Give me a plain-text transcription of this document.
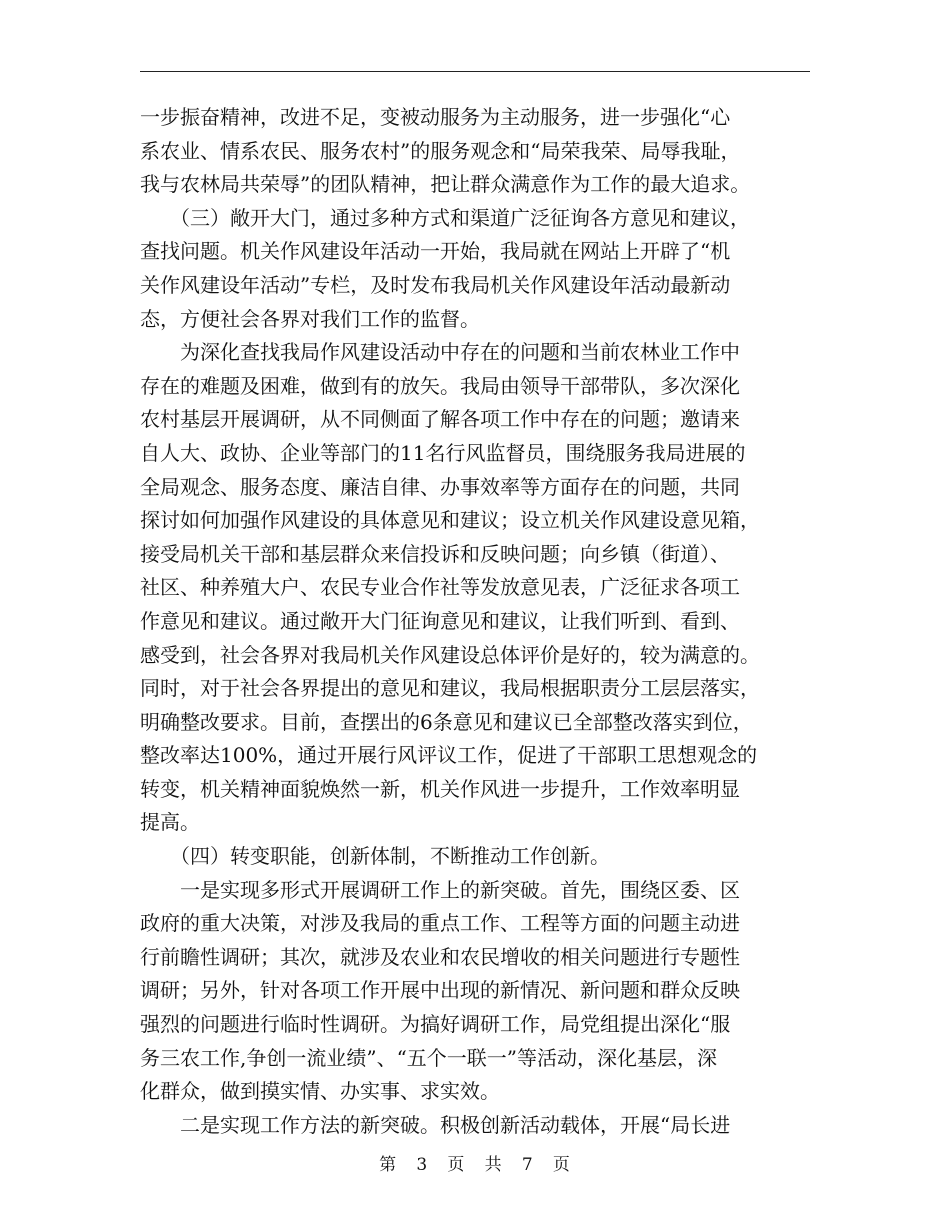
一步振奋精神，改进不足，变被动服务为主动服务，进一步强化“心
系农业、情系农民、服务农村”的服务观念和“局荣我荣、局辱我耻，
我与农林局共荣辱”的团队精神，把让群众满意作为工作的最大追求。
　　（三）敞开大门，通过多种方式和渠道广泛征询各方意见和建议，
查找问题。机关作风建设年活动一开始，我局就在网站上开辟了“机
关作风建设年活动”专栏，及时发布我局机关作风建设年活动最新动
态，方便社会各界对我们工作的监督。
　　为深化查找我局作风建设活动中存在的问题和当前农林业工作中
存在的难题及困难，做到有的放矢。我局由领导干部带队，多次深化
农村基层开展调研，从不同侧面了解各项工作中存在的问题；邀请来
自人大、政协、企业等部门的11名行风监督员，围绕服务我局进展的
全局观念、服务态度、廉洁自律、办事效率等方面存在的问题，共同
探讨如何加强作风建设的具体意见和建议；设立机关作风建设意见箱，
接受局机关干部和基层群众来信投诉和反映问题；向乡镇（街道）、
社区、种养殖大户、农民专业合作社等发放意见表，广泛征求各项工
作意见和建议。通过敞开大门征询意见和建议，让我们听到、看到、
感受到，社会各界对我局机关作风建设总体评价是好的，较为满意的。
同时，对于社会各界提出的意见和建议，我局根据职责分工层层落实，
明确整改要求。目前，查摆出的6条意见和建议已全部整改落实到位，
整改率达100%，通过开展行风评议工作，促进了干部职工思想观念的
转变，机关精神面貌焕然一新，机关作风进一步提升，工作效率明显
提高。
　　（四）转变职能，创新体制，不断推动工作创新。
　　一是实现多形式开展调研工作上的新突破。首先，围绕区委、区
政府的重大决策，对涉及我局的重点工作、工程等方面的问题主动进
行前瞻性调研；其次，就涉及农业和农民增收的相关问题进行专题性
调研；另外，针对各项工作开展中出现的新情况、新问题和群众反映
强烈的问题进行临时性调研。为搞好调研工作，局党组提出深化“服
务三农工作,争创一流业绩”、“五个一联一”等活动，深化基层，深
化群众，做到摸实情、办实事、求实效。
　　二是实现工作方法的新突破。积极创新活动载体，开展“局长进
第 3 页 共 7 页
